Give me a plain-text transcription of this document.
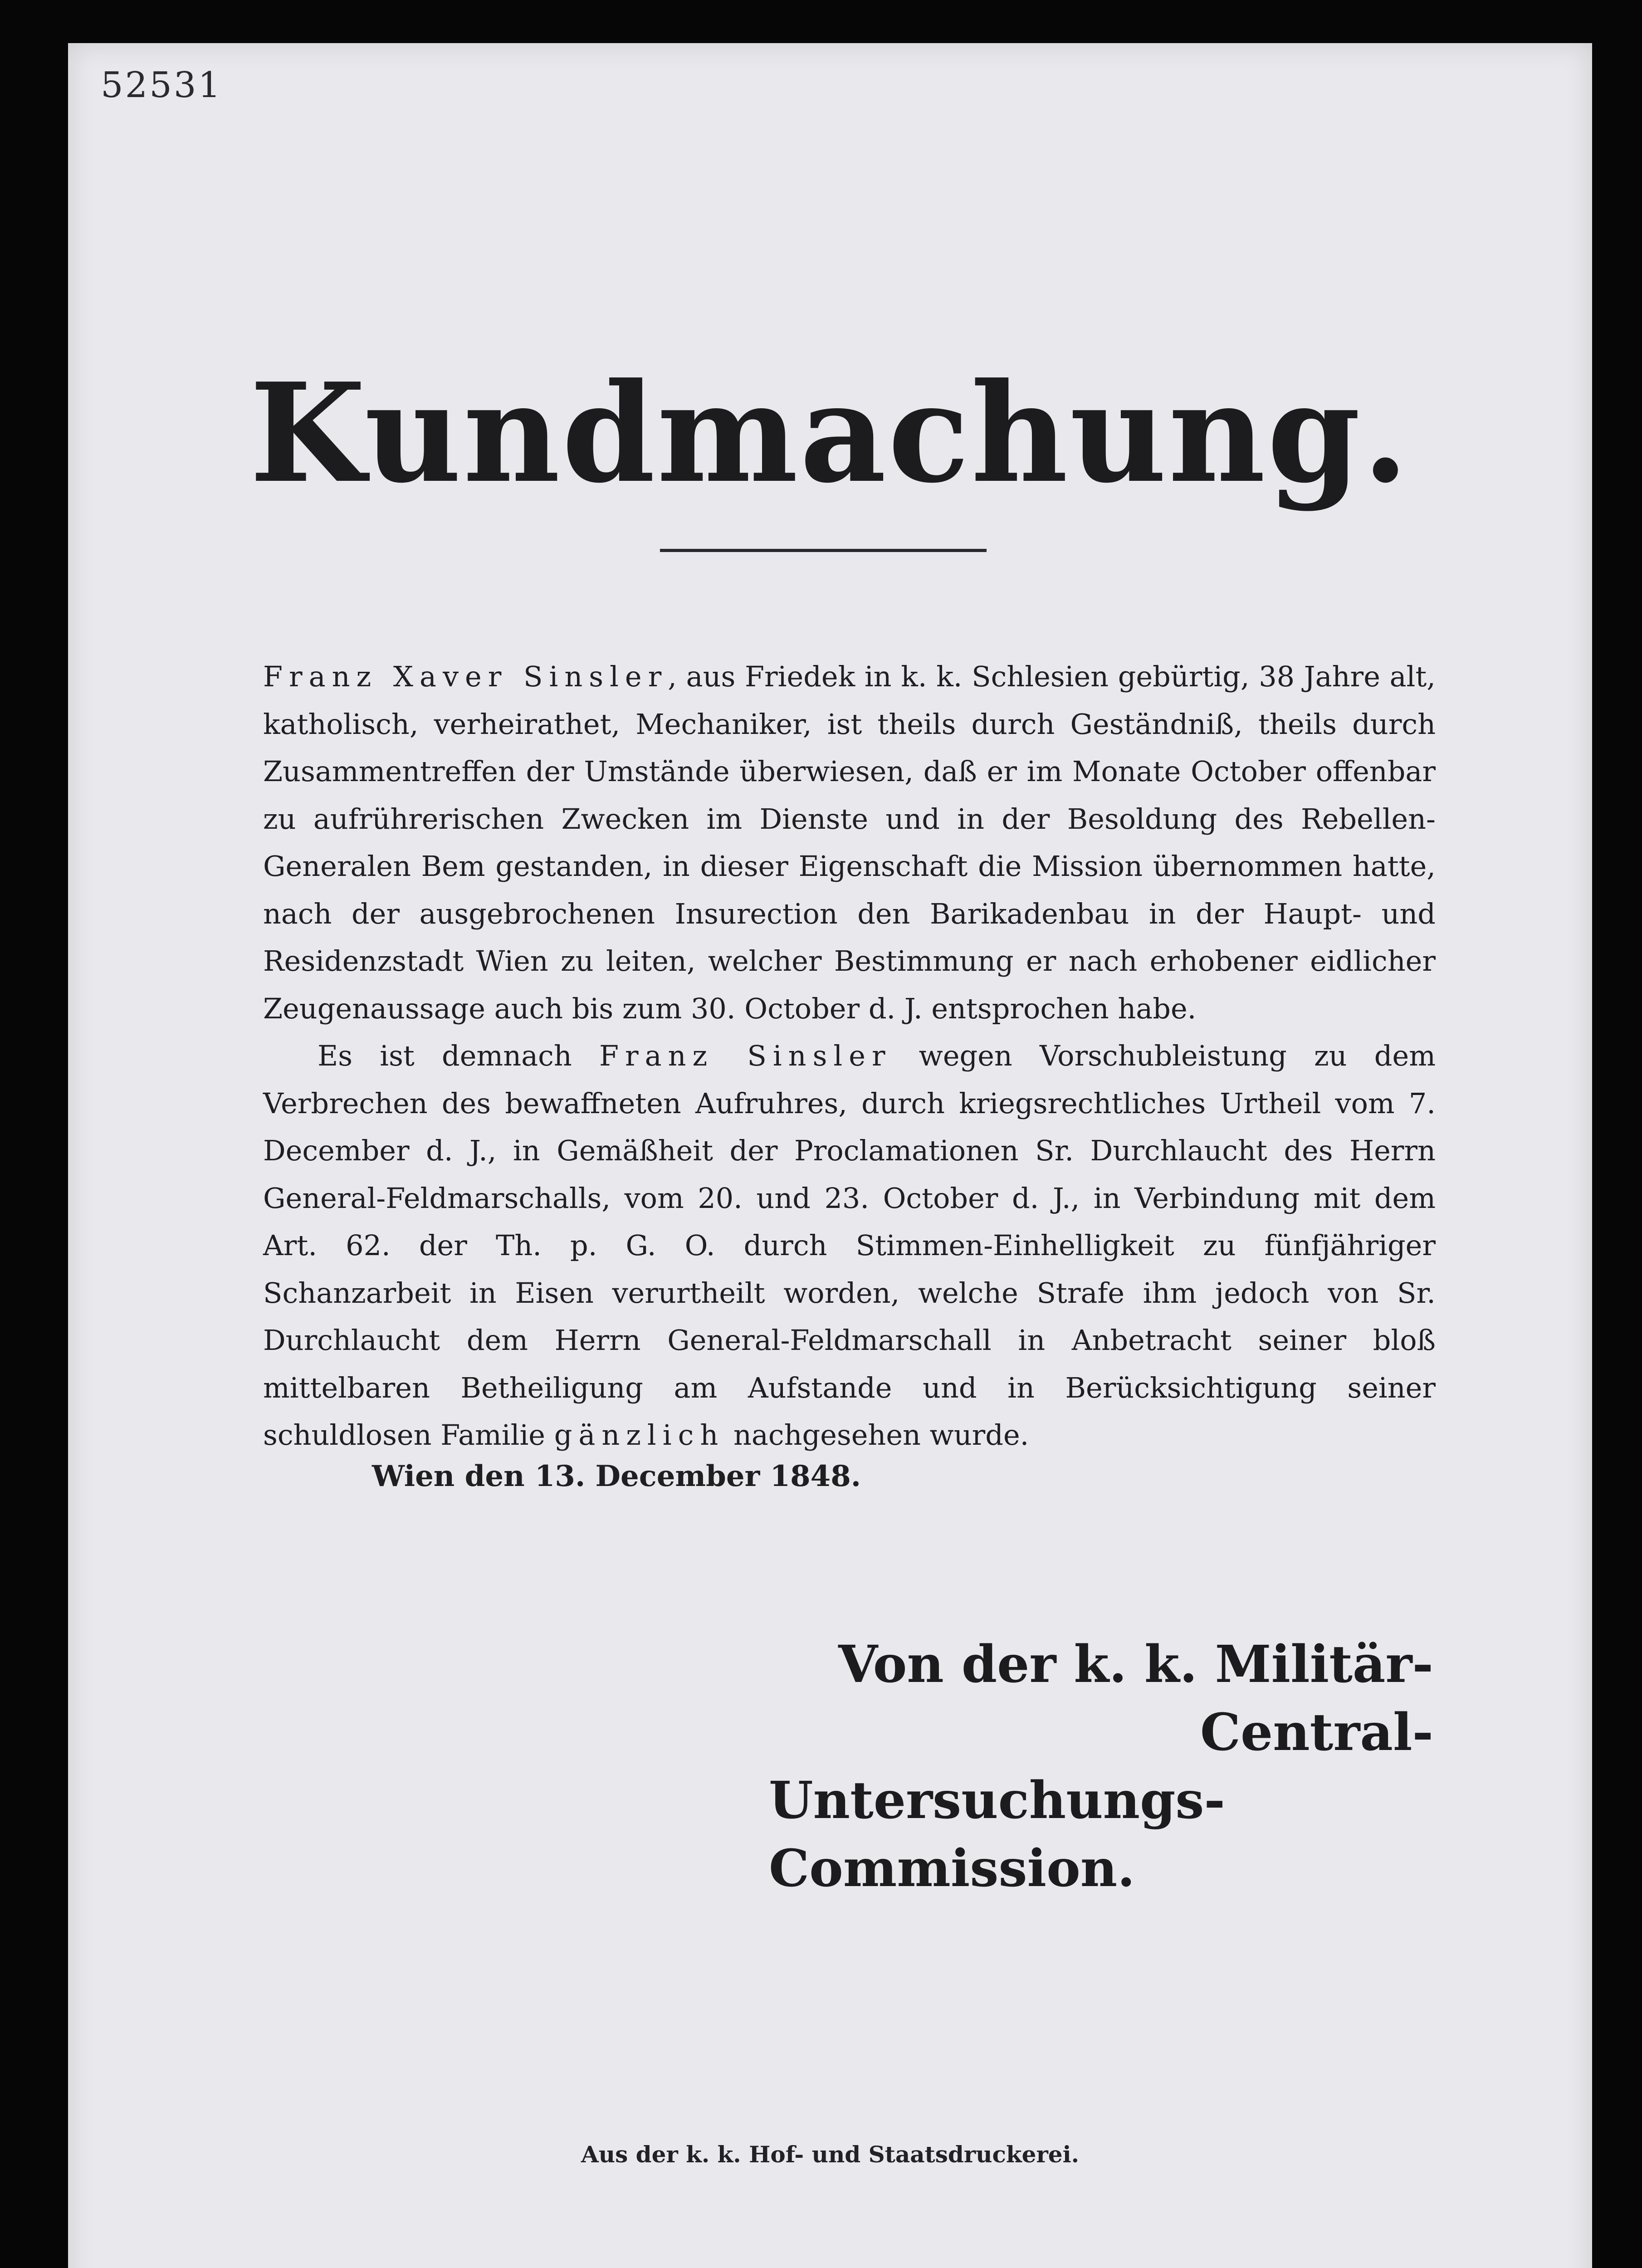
52531
Kundmachung.

Franz Xaver Sinsler, aus Friedek in k. k. Schlesien gebürtig, 38 Jahre alt, katholisch, verheirathet, Mechaniker, ist theils durch Geständniß, theils durch Zusammentreffen der Umstände überwiesen, daß er im Monate October offenbar zu aufrührerischen Zwecken im Dienste und in der Besoldung des Rebellen-Generalen Bem gestanden, in dieser Eigenschaft die Mission übernommen hatte, nach der ausgebrochenen Insurection den Barikadenbau in der Haupt- und Residenzstadt Wien zu leiten, welcher Bestimmung er nach erhobener eidlicher Zeugenaussage auch bis zum 30. October d. J. entsprochen habe.

Es ist demnach Franz Sinsler wegen Vorschubleistung zu dem Verbrechen des bewaffneten Aufruhres, durch kriegsrechtliches Urtheil vom 7. December d. J., in Gemäßheit der Proclamationen Sr. Durchlaucht des Herrn General-Feldmarschalls, vom 20. und 23. October d. J., in Verbindung mit dem Art. 62. der Th. p. G. O. durch Stimmen-Einhelligkeit zu fünfjähriger Schanzarbeit in Eisen verurtheilt worden, welche Strafe ihm jedoch von Sr. Durchlaucht dem Herrn General-Feldmarschall in Anbetracht seiner bloß mittelbaren Betheiligung am Aufstande und in Berücksichtigung seiner schuldlosen Familie gänzlich nachgesehen wurde.

Wien den 13. December 1848.
Von der k. k. Militär-Central-
Untersuchungs-Commission.
Aus der k. k. Hof- und Staatsdruckerei.
